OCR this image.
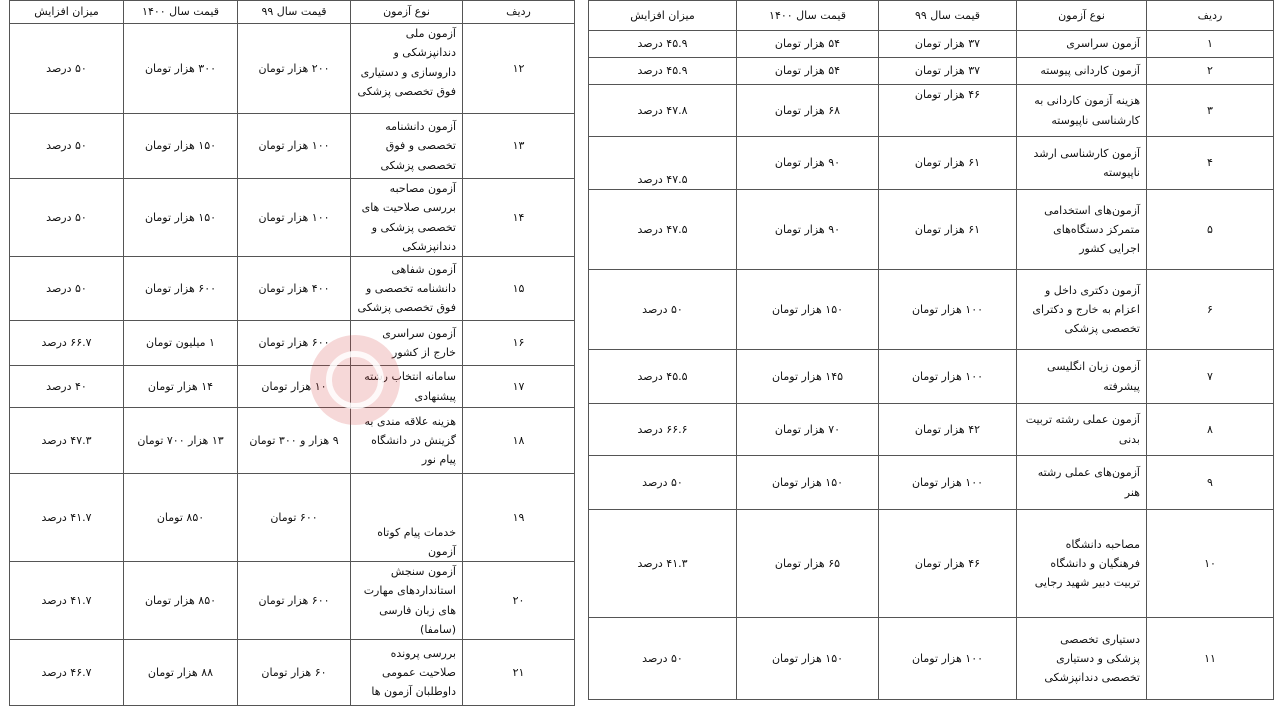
ردیف	نوع آزمون	قیمت سال ۹۹	قیمت سال ۱۴۰۰	میزان افزایش
۱	آزمون سراسری	۳۷ هزار تومان	۵۴ هزار تومان	۴۵.۹ درصد
۲	آزمون کاردانی پیوسته	۳۷ هزار تومان	۵۴ هزار تومان	۴۵.۹ درصد
۳	هزینه آزمون کاردانی به کارشناسی ناپیوسته	۴۶ هزار تومان	۶۸ هزار تومان	۴۷.۸ درصد
۴	آزمون کارشناسی ارشد ناپیوسته	۶۱ هزار تومان	۹۰ هزار تومان	۴۷.۵ درصد
۵	آزمون‌های استخدامی متمرکز دستگاه‌های اجرایی کشور	۶۱ هزار تومان	۹۰ هزار تومان	۴۷.۵ درصد
۶	آزمون دکتری داخل و اعزام به خارج و دکترای تخصصی پزشکی	۱۰۰ هزار تومان	۱۵۰ هزار تومان	۵۰ درصد
۷	آزمون زبان انگلیسی پیشرفته	۱۰۰ هزار تومان	۱۴۵ هزار تومان	۴۵.۵ درصد
۸	آزمون عملی رشته تربیت بدنی	۴۲ هزار تومان	۷۰ هزار تومان	۶۶.۶ درصد
۹	آزمون‌های عملی رشته هنر	۱۰۰ هزار تومان	۱۵۰ هزار تومان	۵۰ درصد
۱۰	مصاحبه دانشگاه فرهنگیان و دانشگاه تربیت دبیر شهید رجایی	۴۶ هزار تومان	۶۵ هزار تومان	۴۱.۳ درصد
۱۱	دستیاری تخصصی پزشکی و دستیاری تخصصی دندانپزشکی	۱۰۰ هزار تومان	۱۵۰ هزار تومان	۵۰ درصد
ردیف	نوع آزمون	قیمت سال ۹۹	قیمت سال ۱۴۰۰	میزان افزایش
۱۲	آزمون ملی دندانپزشکی و داروسازی و دستیاری فوق تخصصی پزشکی	۲۰۰ هزار تومان	۳۰۰ هزار تومان	۵۰ درصد
۱۳	آزمون دانشنامه تخصصی و فوق تخصصی پزشکی	۱۰۰ هزار تومان	۱۵۰ هزار تومان	۵۰ درصد
۱۴	آزمون مصاحبه بررسی صلاحیت های تخصصی پزشکی و دندانپزشکی	۱۰۰ هزار تومان	۱۵۰ هزار تومان	۵۰ درصد
۱۵	آزمون شفاهی دانشنامه تخصصی و فوق تخصصی پزشکی	۴۰۰ هزار تومان	۶۰۰ هزار تومان	۵۰ درصد
۱۶	آزمون سراسری خارج از کشور	۶۰۰ هزار تومان	۱ میلیون تومان	۶۶.۷ درصد
۱۷	سامانه انتخاب رشته پیشنهادی	۱۰ هزار تومان	۱۴ هزار تومان	۴۰ درصد
۱۸	هزینه علاقه مندی به گزینش در دانشگاه پیام نور	۹ هزار و ۳۰۰ تومان	۱۳ هزار ۷۰۰ تومان	۴۷.۳ درصد
۱۹	خدمات پیام کوتاه آزمون	۶۰۰ تومان	۸۵۰ تومان	۴۱.۷ درصد
۲۰	آزمون سنجش استانداردهای مهارت های زبان فارسی (سامفا)	۶۰۰ هزار تومان	۸۵۰ هزار تومان	۴۱.۷ درصد
۲۱	بررسی پرونده صلاحیت عمومی داوطلبان آزمون ها	۶۰ هزار تومان	۸۸ هزار تومان	۴۶.۷ درصد
